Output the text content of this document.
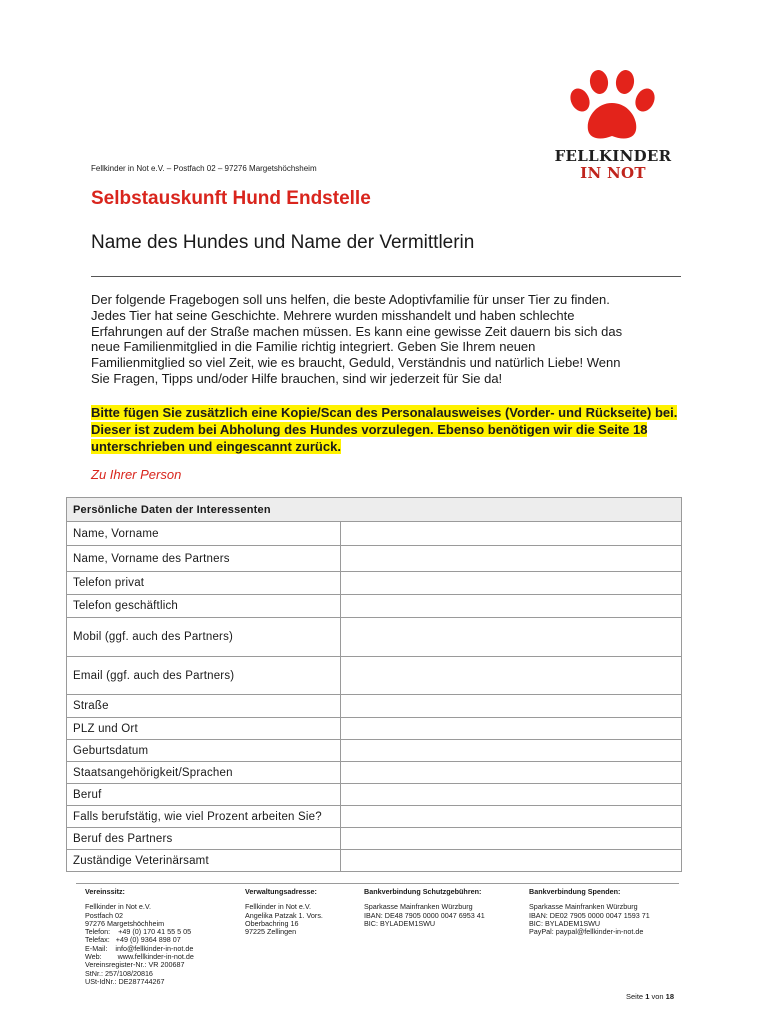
FELLKINDER
IN NOT
Fellkinder in Not e.V. – Postfach 02 – 97276 Margetshöchsheim
Selbstauskunft Hund Endstelle
Name des Hundes und Name der Vermittlerin
Der folgende Fragebogen soll uns helfen, die beste Adoptivfamilie für unser Tier zu finden.
Jedes Tier hat seine Geschichte. Mehrere wurden misshandelt und haben schlechte
Erfahrungen auf der Straße machen müssen. Es kann eine gewisse Zeit dauern bis sich das
neue Familienmitglied in die Familie richtig integriert. Geben Sie Ihrem neuen
Familienmitglied so viel Zeit, wie es braucht, Geduld, Verständnis und natürlich Liebe! Wenn
Sie Fragen, Tipps und/oder Hilfe brauchen, sind wir jederzeit für Sie da!
Bitte fügen Sie zusätzlich eine Kopie/Scan des Personalausweises (Vorder- und Rückseite) bei. Dieser ist zudem bei Abholung des Hundes vorzulegen. Ebenso benötigen wir die Seite 18 unterschrieben und eingescannt zurück.
Zu Ihrer Person
Persönliche Daten der Interessenten	
Name, Vorname	
Name, Vorname des Partners	
Telefon privat	
Telefon geschäftlich	
Mobil (ggf. auch des Partners)	
Email (ggf. auch des Partners)	
Straße	
PLZ und Ort	
Geburtsdatum	
Staatsangehörigkeit/Sprachen	
Beruf	
Falls berufstätig, wie viel Prozent arbeiten Sie?	
Beruf des Partners	
Zuständige Veterinärsamt	
Vereinssitz:
Fellkinder in Not e.V.
Postfach 02
97276 Margetshöchheim
Telefon:    +49 (0) 170 41 55 5 05
Telefax:   +49 (0) 9364 898 07
E-Mail:    info@fellkinder-in-not.de
Web:        www.fellkinder-in-not.de
Vereinsregister-Nr.: VR 200687
StNr.: 257/108/20816
USt-IdNr.: DE287744267
Verwaltungsadresse:
Fellkinder in Not e.V.
Angelika Patzak 1. Vors.
Oberbachring 16
97225 Zellingen
Bankverbindung Schutzgebühren:
Sparkasse Mainfranken Würzburg
IBAN: DE48 7905 0000 0047 6953 41
BIC: BYLADEM1SWU
Bankverbindung Spenden:
Sparkasse Mainfranken Würzburg
IBAN: DE02 7905 0000 0047 1593 71
BIC: BYLADEM1SWU
PayPal: paypal@fellkinder-in-not.de
Seite 1 von 18
